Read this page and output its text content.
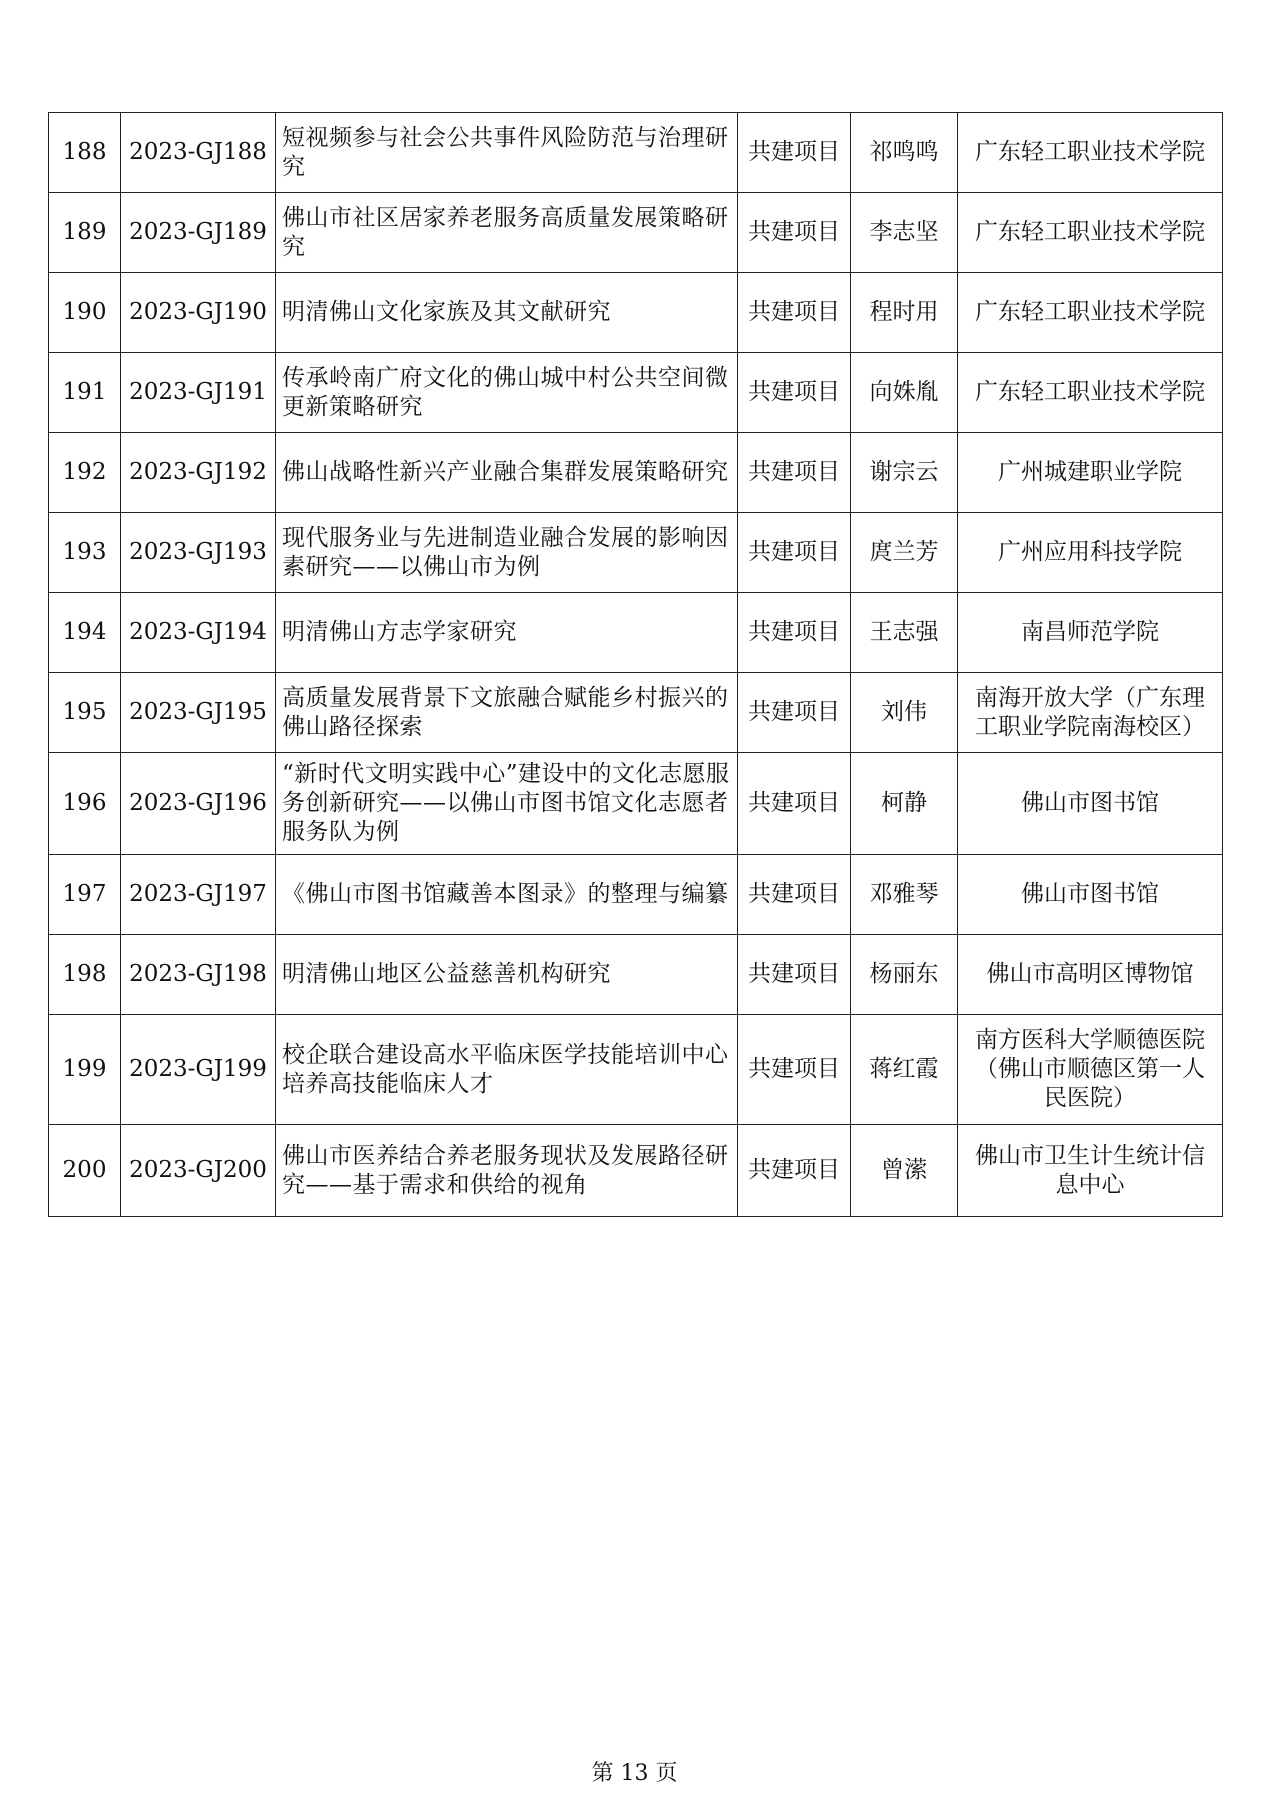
188	2023-GJ188	短视频参与社会公共事件风险防范与治理研究	共建项目	祁鸣鸣	广东轻工职业技术学院
189	2023-GJ189	佛山市社区居家养老服务高质量发展策略研究	共建项目	李志坚	广东轻工职业技术学院
190	2023-GJ190	明清佛山文化家族及其文献研究	共建项目	程时用	广东轻工职业技术学院
191	2023-GJ191	传承岭南广府文化的佛山城中村公共空间微更新策略研究	共建项目	向姝胤	广东轻工职业技术学院
192	2023-GJ192	佛山战略性新兴产业融合集群发展策略研究	共建项目	谢宗云	广州城建职业学院
193	2023-GJ193	现代服务业与先进制造业融合发展的影响因素研究——以佛山市为例	共建项目	庹兰芳	广州应用科技学院
194	2023-GJ194	明清佛山方志学家研究	共建项目	王志强	南昌师范学院
195	2023-GJ195	高质量发展背景下文旅融合赋能乡村振兴的佛山路径探索	共建项目	刘伟	南海开放大学（广东理工职业学院南海校区）
196	2023-GJ196	“新时代文明实践中心”建设中的文化志愿服务创新研究——以佛山市图书馆文化志愿者服务队为例	共建项目	柯静	佛山市图书馆
197	2023-GJ197	《佛山市图书馆藏善本图录》的整理与编纂	共建项目	邓雅琴	佛山市图书馆
198	2023-GJ198	明清佛山地区公益慈善机构研究	共建项目	杨丽东	佛山市高明区博物馆
199	2023-GJ199	校企联合建设高水平临床医学技能培训中心培养高技能临床人才	共建项目	蒋红霞	南方医科大学顺德医院（佛山市顺德区第一人民医院）
200	2023-GJ200	佛山市医养结合养老服务现状及发展路径研究——基于需求和供给的视角	共建项目	曾潆	佛山市卫生计生统计信息中心
第 13 页
